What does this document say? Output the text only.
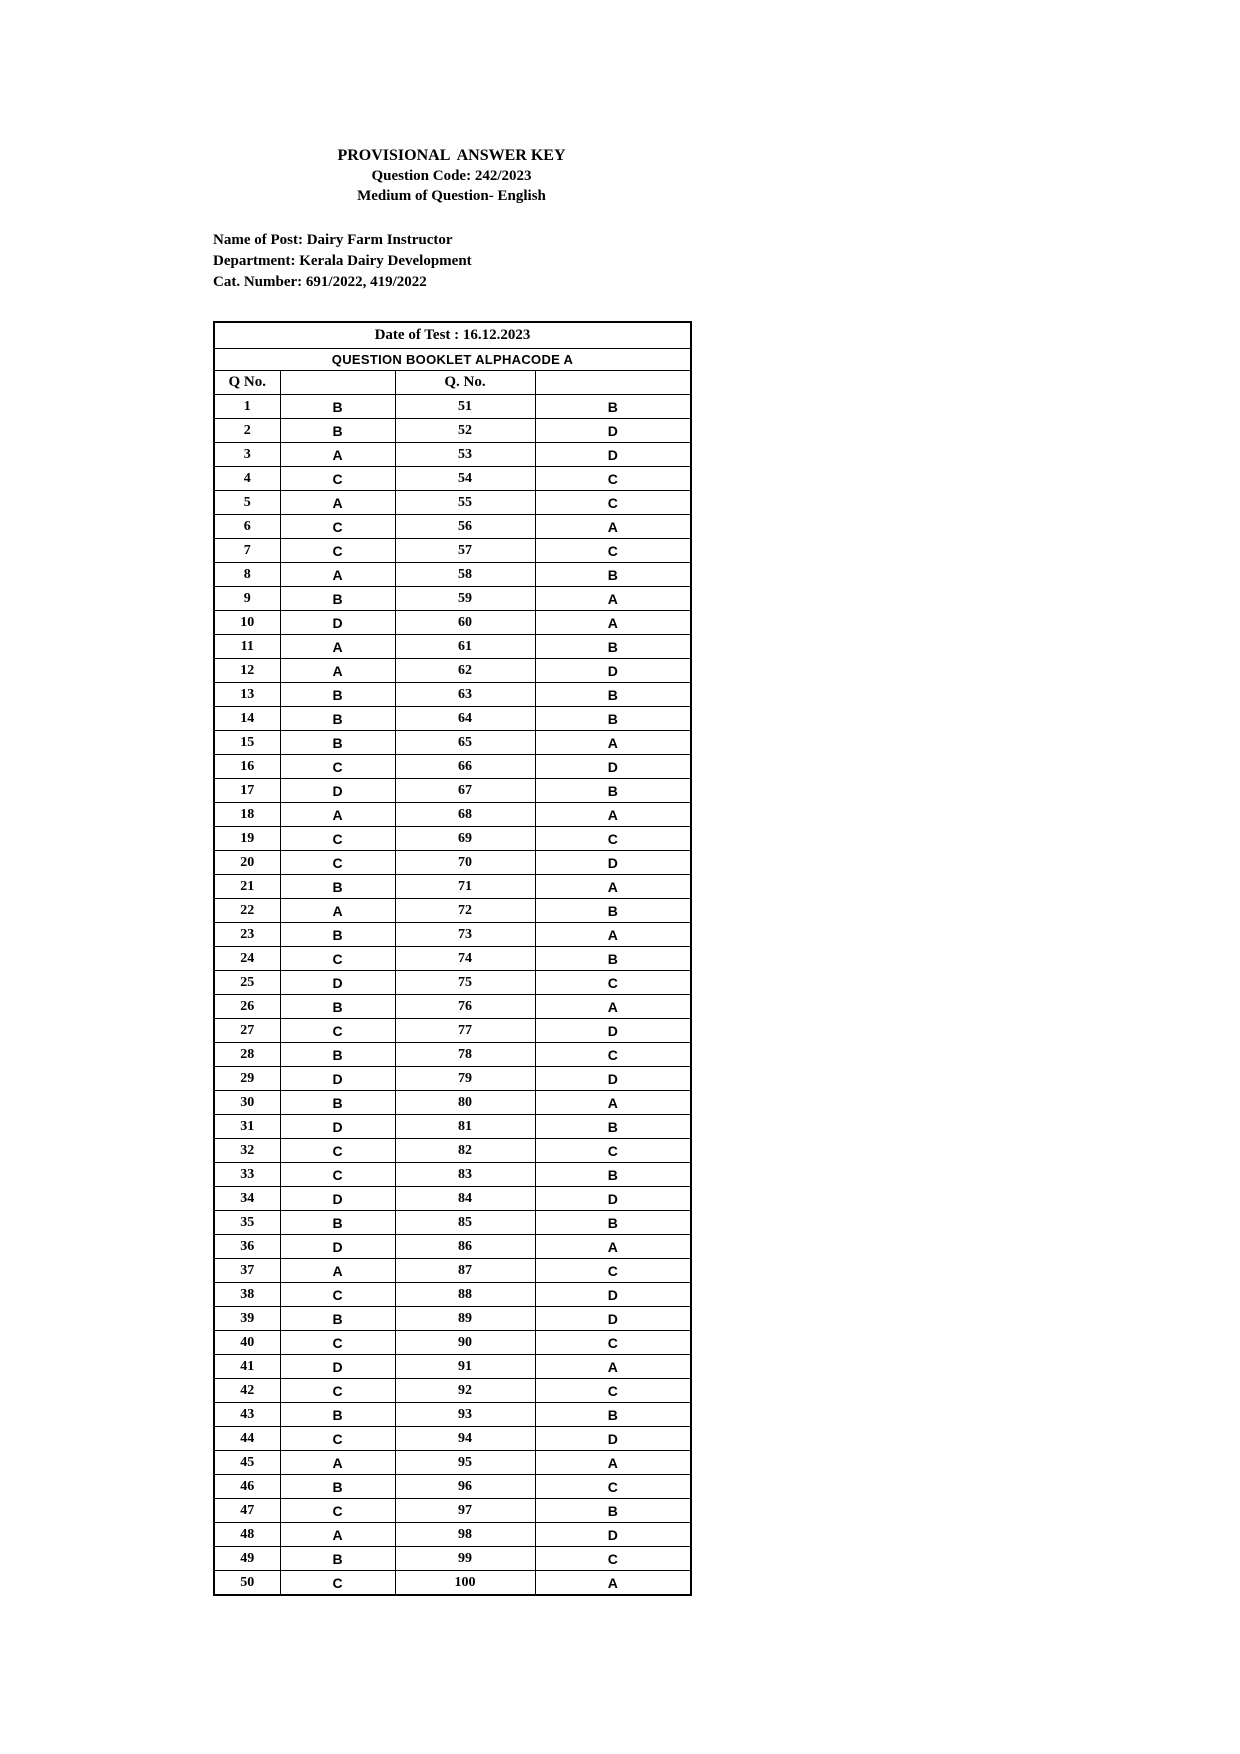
PROVISIONAL  ANSWER KEY
Question Code: 242/2023
Medium of Question- English
Name of Post: Dairy Farm Instructor
Department: Kerala Dairy Development
Cat. Number: 691/2022, 419/2022
Date of Test : 16.12.2023			
QUESTION BOOKLET ALPHACODE A			
Q No.		Q. No.	
1	B	51	B
2	B	52	D
3	A	53	D
4	C	54	C
5	A	55	C
6	C	56	A
7	C	57	C
8	A	58	B
9	B	59	A
10	D	60	A
11	A	61	B
12	A	62	D
13	B	63	B
14	B	64	B
15	B	65	A
16	C	66	D
17	D	67	B
18	A	68	A
19	C	69	C
20	C	70	D
21	B	71	A
22	A	72	B
23	B	73	A
24	C	74	B
25	D	75	C
26	B	76	A
27	C	77	D
28	B	78	C
29	D	79	D
30	B	80	A
31	D	81	B
32	C	82	C
33	C	83	B
34	D	84	D
35	B	85	B
36	D	86	A
37	A	87	C
38	C	88	D
39	B	89	D
40	C	90	C
41	D	91	A
42	C	92	C
43	B	93	B
44	C	94	D
45	A	95	A
46	B	96	C
47	C	97	B
48	A	98	D
49	B	99	C
50	C	100	A
